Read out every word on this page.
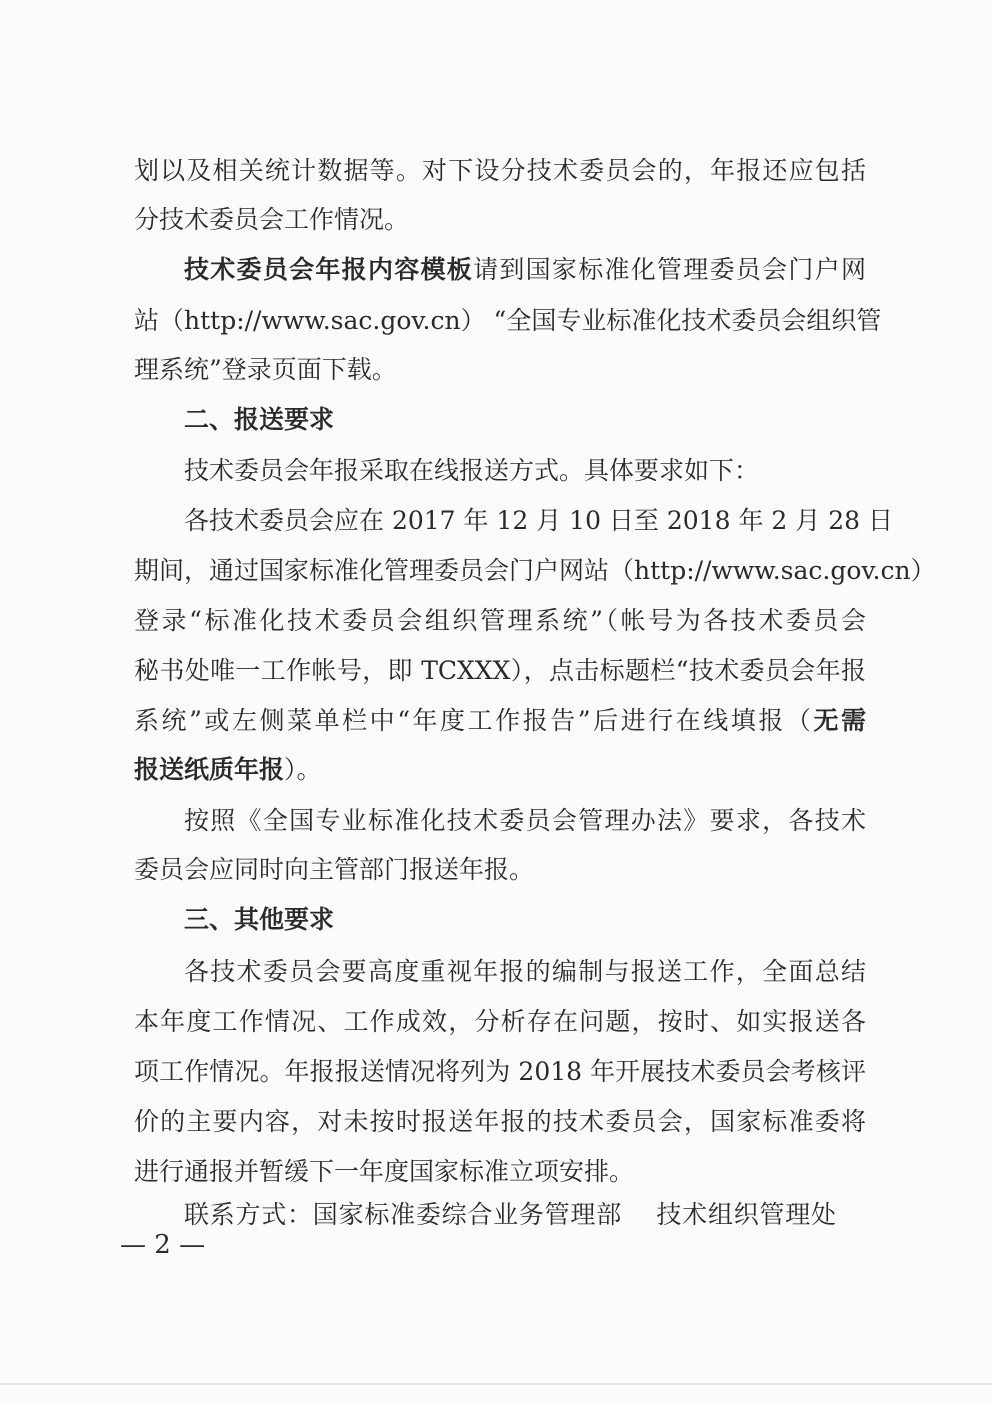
划以及相关统计数据等。对下设分技术委员会的，年报还应包括
分技术委员会工作情况。
技术委员会年报内容模板请到国家标准化管理委员会门户网
站（http://www.sac.gov.cn） “全国专业标准化技术委员会组织管
理系统”登录页面下载。
二、报送要求
技术委员会年报采取在线报送方式。具体要求如下：
各技术委员会应在 2017 年 12 月 10 日至 2018 年 2 月 28 日
期间，通过国家标准化管理委员会门户网站（http://www.sac.gov.cn）
登录“标准化技术委员会组织管理系统”（帐号为各技术委员会
秘书处唯一工作帐号，即 TCXXX），点击标题栏“技术委员会年报
系统”或左侧菜单栏中“年度工作报告”后进行在线填报（无需
报送纸质年报）。
按照《全国专业标准化技术委员会管理办法》要求，各技术
委员会应同时向主管部门报送年报。
三、其他要求
各技术委员会要高度重视年报的编制与报送工作，全面总结
本年度工作情况、工作成效，分析存在问题，按时、如实报送各
项工作情况。年报报送情况将列为 2018 年开展技术委员会考核评
价的主要内容，对未按时报送年报的技术委员会，国家标准委将
进行通报并暂缓下一年度国家标准立项安排。
联系方式：国家标准委综合业务管理部　 技术组织管理处
— 2 —
